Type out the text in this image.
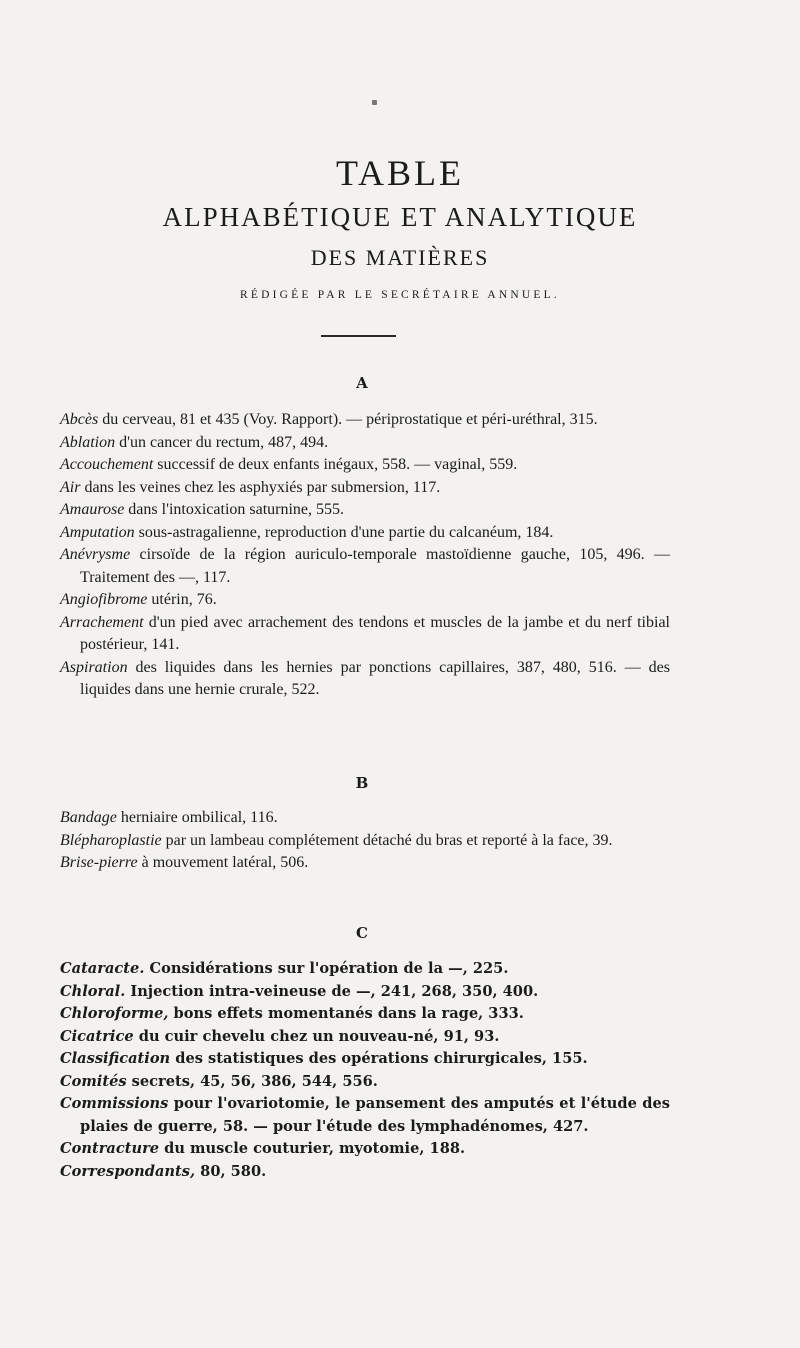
TABLE
ALPHABÉTIQUE ET ANALYTIQUE
DES MATIÈRES
RÉDIGÉE PAR LE SECRÉTAIRE ANNUEL.
A

Abcès du cerveau, 81 et 435 (Voy. Rapport). — périprostatique et péri-uréthral, 315.

Ablation d'un cancer du rectum, 487, 494.

Accouchement successif de deux enfants inégaux, 558. — vaginal, 559.

Air dans les veines chez les asphyxiés par submersion, 117.

Amaurose dans l'intoxication saturnine, 555.

Amputation sous-astragalienne, reproduction d'une partie du calcanéum, 184.

Anévrysme cirsoïde de la région auriculo-temporale mastoïdienne gauche, 105, 496. — Traitement des —, 117.

Angiofibrome utérin, 76.

Arrachement d'un pied avec arrachement des tendons et muscles de la jambe et du nerf tibial postérieur, 141.

Aspiration des liquides dans les hernies par ponctions capillaires, 387, 480, 516. — des liquides dans une hernie crurale, 522.

B

Bandage herniaire ombilical, 116.

Blépharoplastie par un lambeau complétement détaché du bras et reporté à la face, 39.

Brise-pierre à mouvement latéral, 506.

C

Cataracte. Considérations sur l'opération de la —, 225.

Chloral. Injection intra-veineuse de —, 241, 268, 350, 400.

Chloroforme, bons effets momentanés dans la rage, 333.

Cicatrice du cuir chevelu chez un nouveau-né, 91, 93.

Classification des statistiques des opérations chirurgicales, 155.

Comités secrets, 45, 56, 386, 544, 556.

Commissions pour l'ovariotomie, le pansement des amputés et l'étude des plaies de guerre, 58. — pour l'étude des lymphadénomes, 427.

Contracture du muscle couturier, myotomie, 188.

Correspondants, 80, 580.
